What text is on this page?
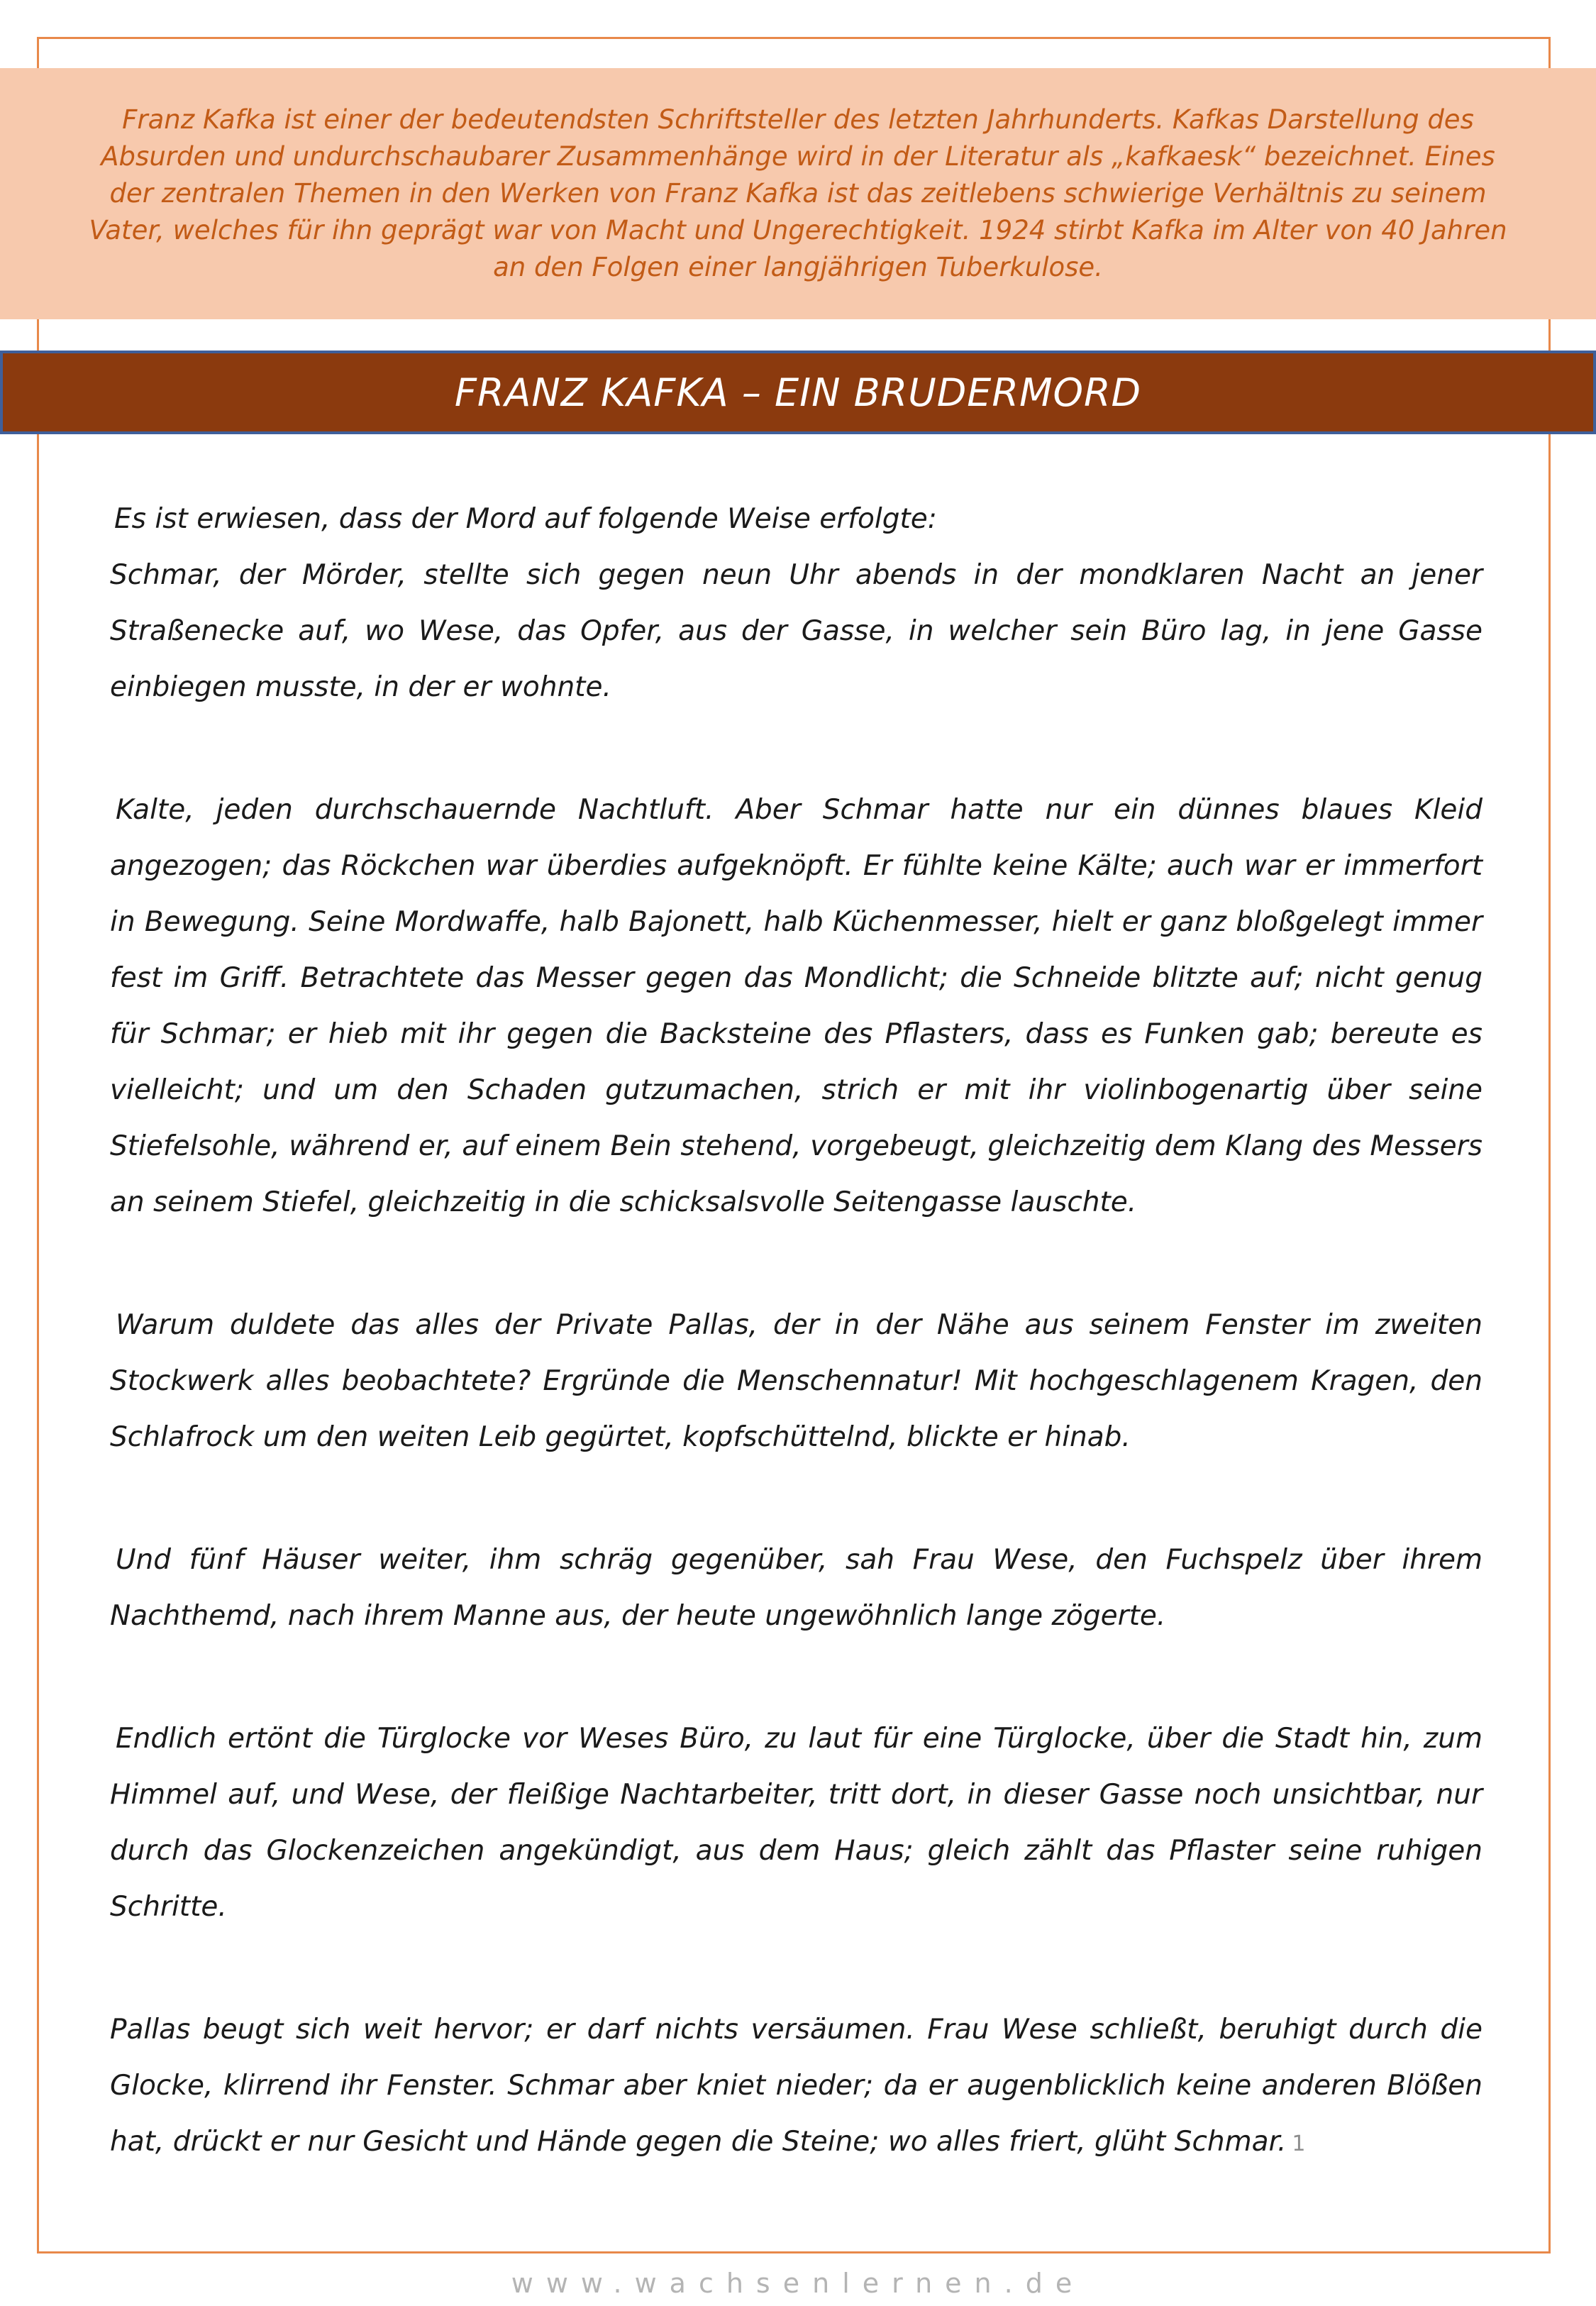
Franz Kafka ist einer der bedeutendsten Schriftsteller des letzten Jahrhunderts. Kafkas Darstellung des Absurden und undurchschaubarer Zusammenhänge wird in der Literatur als „kafkaesk“ bezeichnet. Eines der zentralen Themen in den Werken von Franz Kafka ist das zeitlebens schwierige Verhältnis zu seinem Vater, welches für ihn geprägt war von Macht und Ungerechtigkeit. 1924 stirbt Kafka im Alter von 40 Jahren an den Folgen einer langjährigen Tuberkulose.

FRANZ KAFKA – EIN BRUDERMORD

Es ist erwiesen, dass der Mord auf folgende Weise erfolgte:

Schmar, der Mörder, stellte sich gegen neun Uhr abends in der mondklaren Nacht an jener Straßenecke auf, wo Wese, das Opfer, aus der Gasse, in welcher sein Büro lag, in jene Gasse einbiegen musste, in der er wohnte.

Kalte, jeden durchschauernde Nachtluft. Aber Schmar hatte nur ein dünnes blaues Kleid angezogen; das Röckchen war überdies aufgeknöpft. Er fühlte keine Kälte; auch war er immerfort in Bewegung. Seine Mordwaffe, halb Bajonett, halb Küchenmesser, hielt er ganz bloßgelegt immer fest im Griff. Betrachtete das Messer gegen das Mondlicht; die Schneide blitzte auf; nicht genug für Schmar; er hieb mit ihr gegen die Backsteine des Pflasters, dass es Funken gab; bereute es vielleicht; und um den Schaden gutzumachen, strich er mit ihr violinbogenartig über seine Stiefelsohle, während er, auf einem Bein stehend, vorgebeugt, gleichzeitig dem Klang des Messers an seinem Stiefel, gleichzeitig in die schicksalsvolle Seitengasse lauschte.

Warum duldete das alles der Private Pallas, der in der Nähe aus seinem Fenster im zweiten Stockwerk alles beobachtete? Ergründe die Menschennatur! Mit hochgeschlagenem Kragen, den Schlafrock um den weiten Leib gegürtet, kopfschüttelnd, blickte er hinab.

Und fünf Häuser weiter, ihm schräg gegenüber, sah Frau Wese, den Fuchspelz über ihrem Nachthemd, nach ihrem Manne aus, der heute ungewöhnlich lange zögerte.

Endlich ertönt die Türglocke vor Weses Büro, zu laut für eine Türglocke, über die Stadt hin, zum Himmel auf, und Wese, der fleißige Nachtarbeiter, tritt dort, in dieser Gasse noch unsichtbar, nur durch das Glockenzeichen angekündigt, aus dem Haus; gleich zählt das Pflaster seine ruhigen Schritte.

Pallas beugt sich weit hervor; er darf nichts versäumen. Frau Wese schließt, beruhigt durch die Glocke, klirrend ihr Fenster. Schmar aber kniet nieder; da er augenblicklich keine anderen Blößen hat, drückt er nur Gesicht und Hände gegen die Steine; wo alles friert, glüht Schmar. 1

www.wachsenlernen.de
